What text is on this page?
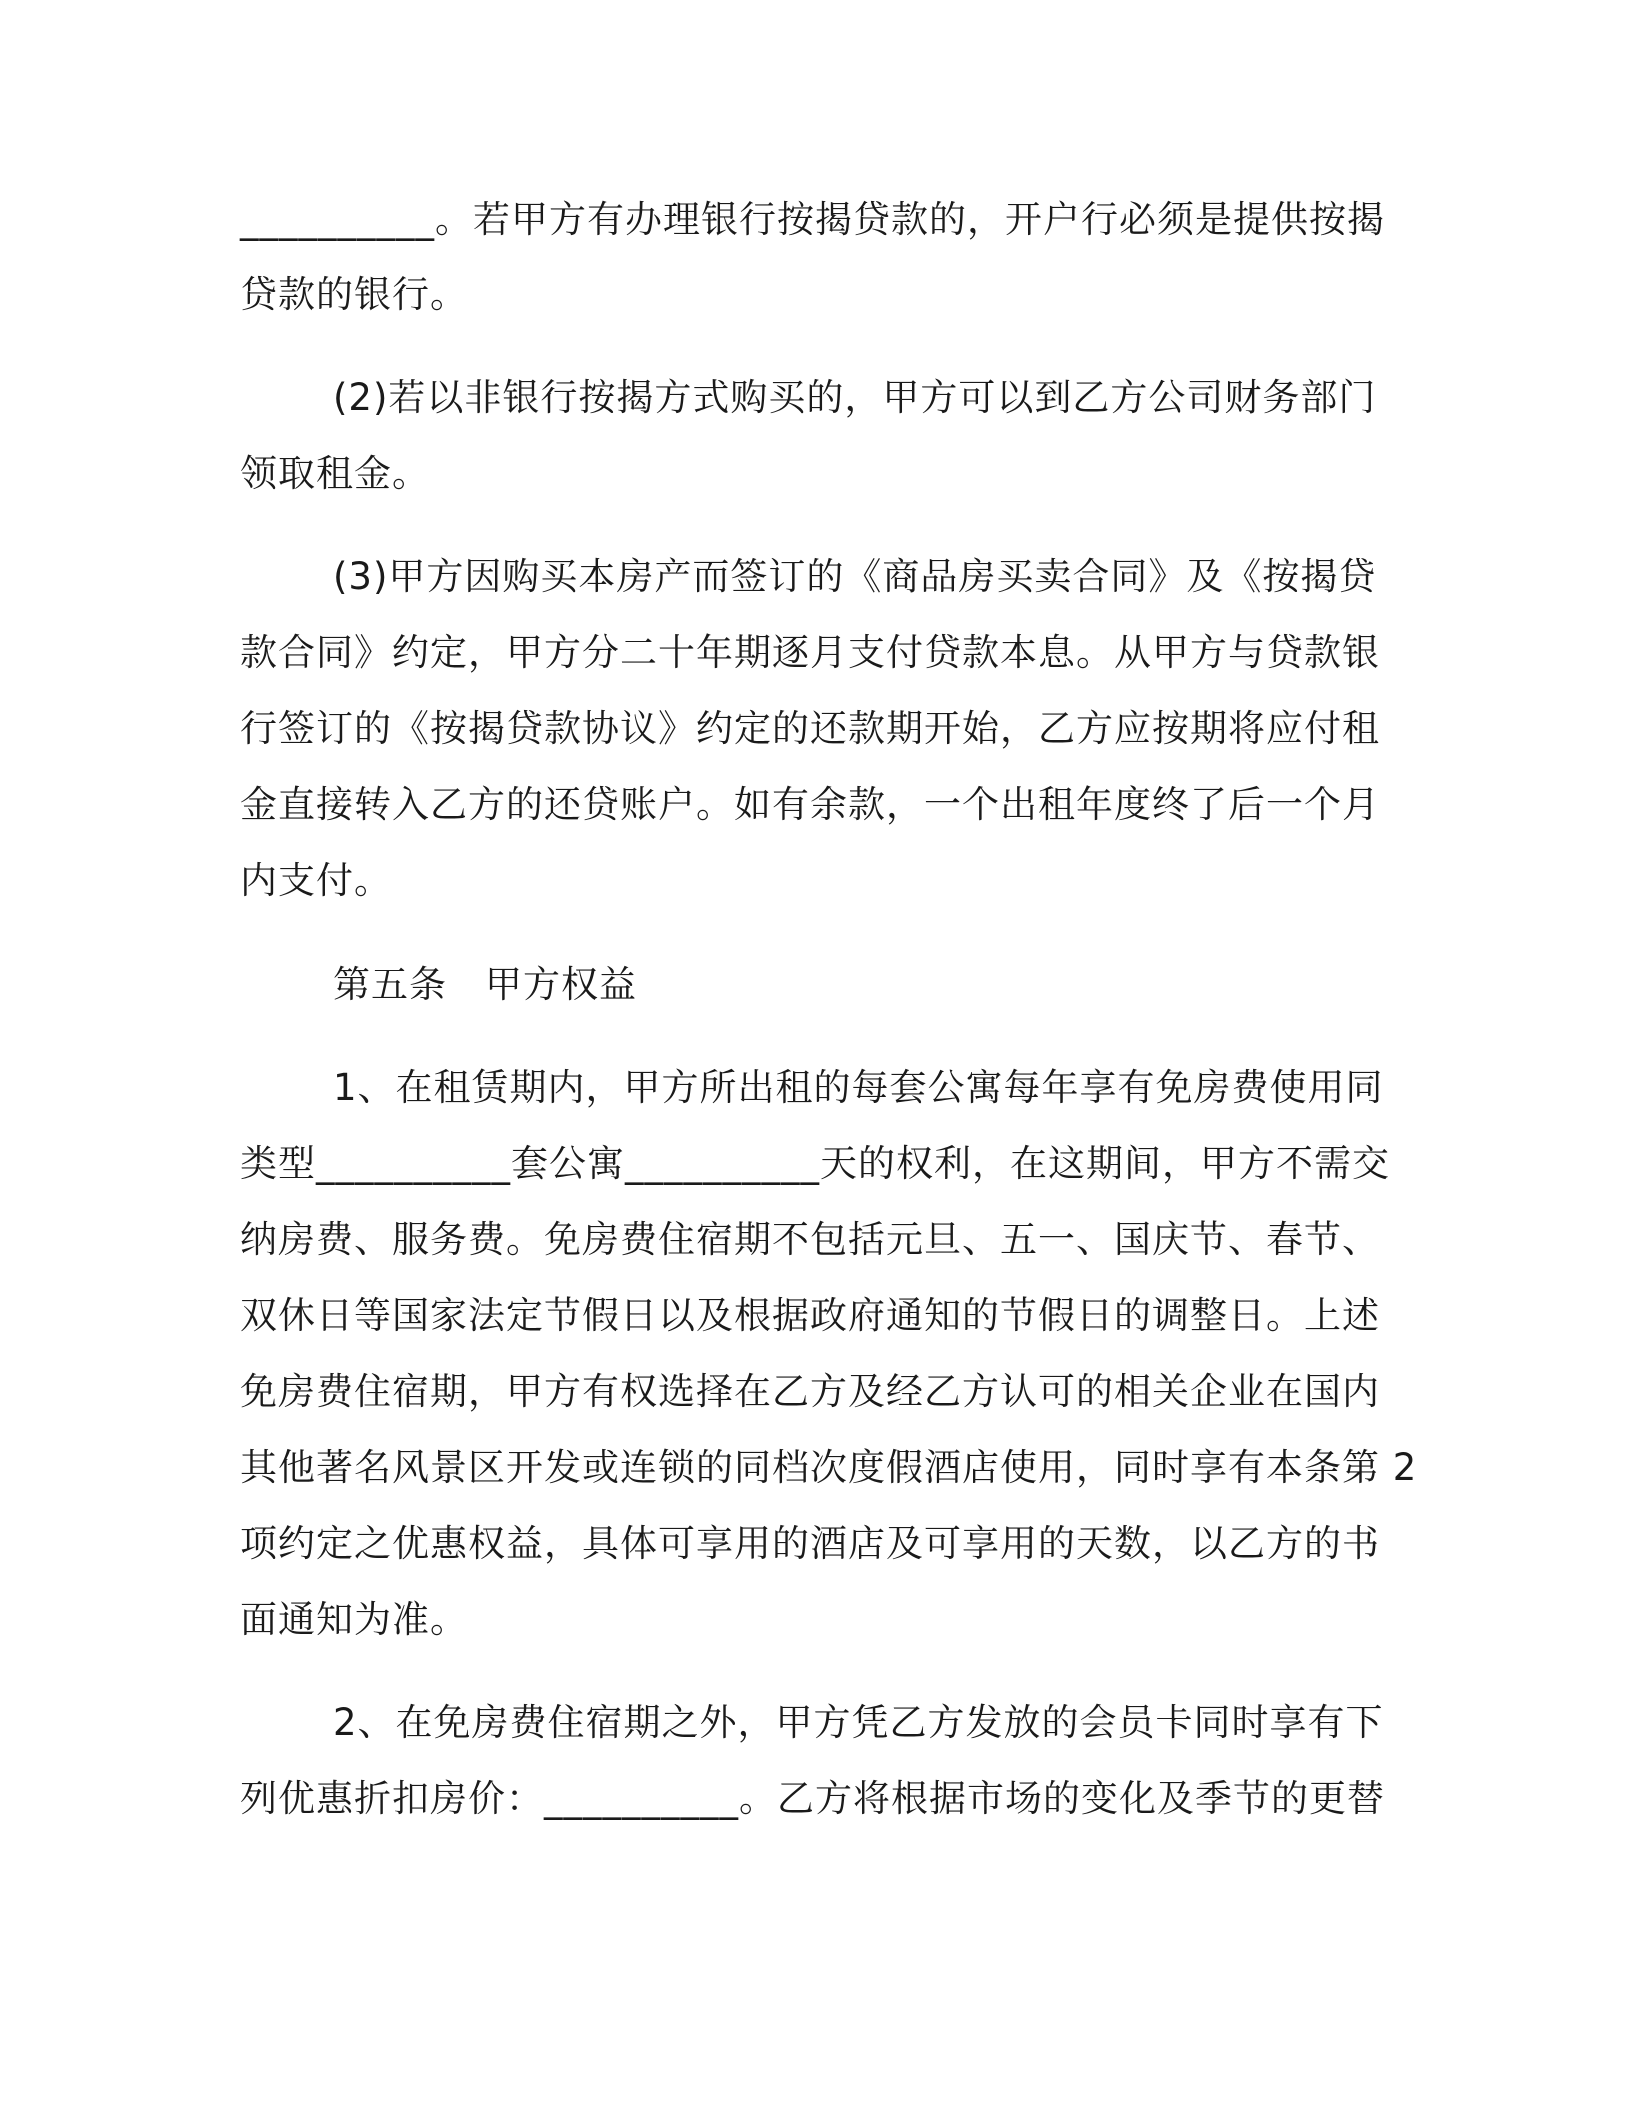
__________。若甲方有办理银行按揭贷款的，开户行必须是提供按揭
贷款的银行。
(2)若以非银行按揭方式购买的，甲方可以到乙方公司财务部门
领取租金。
(3)甲方因购买本房产而签订的《商品房买卖合同》及《按揭贷
款合同》约定，甲方分二十年期逐月支付贷款本息。从甲方与贷款银
行签订的《按揭贷款协议》约定的还款期开始，乙方应按期将应付租
金直接转入乙方的还贷账户。如有余款，一个出租年度终了后一个月
内支付。
第五条　甲方权益
1、在租赁期内，甲方所出租的每套公寓每年享有免房费使用同
类型__________套公寓__________天的权利，在这期间，甲方不需交
纳房费、服务费。免房费住宿期不包括元旦、五一、国庆节、春节、
双休日等国家法定节假日以及根据政府通知的节假日的调整日。上述
免房费住宿期，甲方有权选择在乙方及经乙方认可的相关企业在国内
其他著名风景区开发或连锁的同档次度假酒店使用，同时享有本条第 2
项约定之优惠权益，具体可享用的酒店及可享用的天数，以乙方的书
面通知为准。
2、在免房费住宿期之外，甲方凭乙方发放的会员卡同时享有下
列优惠折扣房价：__________。乙方将根据市场的变化及季节的更替
